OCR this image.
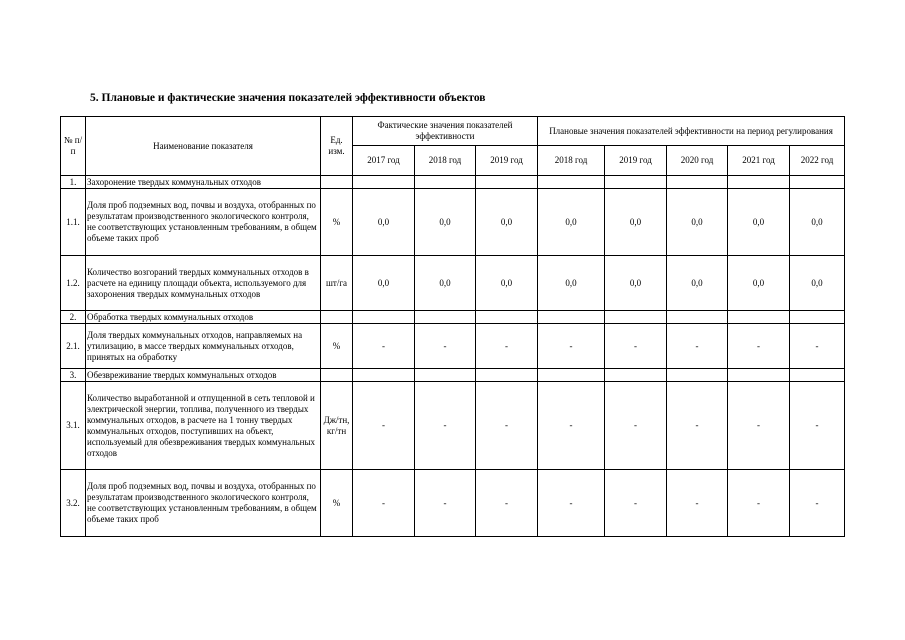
5. Плановые и фактические значения показателей эффективности объектов
№ п/п	Наименование показателя	Ед. изм.	Фактические значения показателей эффективности			Плановые значения показателей эффективности на период регулирования				
			2017 год	2018 год	2019 год	2018 год	2019 год	2020 год	2021 год	2022 год
1.	Захоронение твердых коммунальных отходов									
1.1.	Доля проб подземных вод, почвы и воздуха, отобранных по результатам производственного экологического контроля, не соответствующих установленным требованиям, в общем объеме таких проб	%	0,0	0,0	0,0	0,0	0,0	0,0	0,0	0,0
1.2.	Количество возгораний твердых коммунальных отходов в расчете на единицу площади объекта, используемого для захоронения твердых коммунальных отходов	шт/га	0,0	0,0	0,0	0,0	0,0	0,0	0,0	0,0
2.	Обработка твердых коммунальных отходов									
2.1.	Доля твердых коммунальных отходов, направляемых на утилизацию, в массе твердых коммунальных отходов, принятых на обработку	%	-	-	-	-	-	-	-	-
3.	Обезвреживание твердых коммунальных отходов									
3.1.	Количество выработанной и отпущенной в сеть тепловой и электрической энергии, топлива, полученного из твердых коммунальных отходов, в расчете на 1 тонну твердых коммунальных отходов, поступивших на объект, используемый для обезвреживания твердых коммунальных отходов	Дж/тн, кг/тн	-	-	-	-	-	-	-	-
3.2.	Доля проб подземных вод, почвы и воздуха, отобранных по результатам производственного экологического контроля, не соответствующих установленным требованиям, в общем объеме таких проб	%	-	-	-	-	-	-	-	-
